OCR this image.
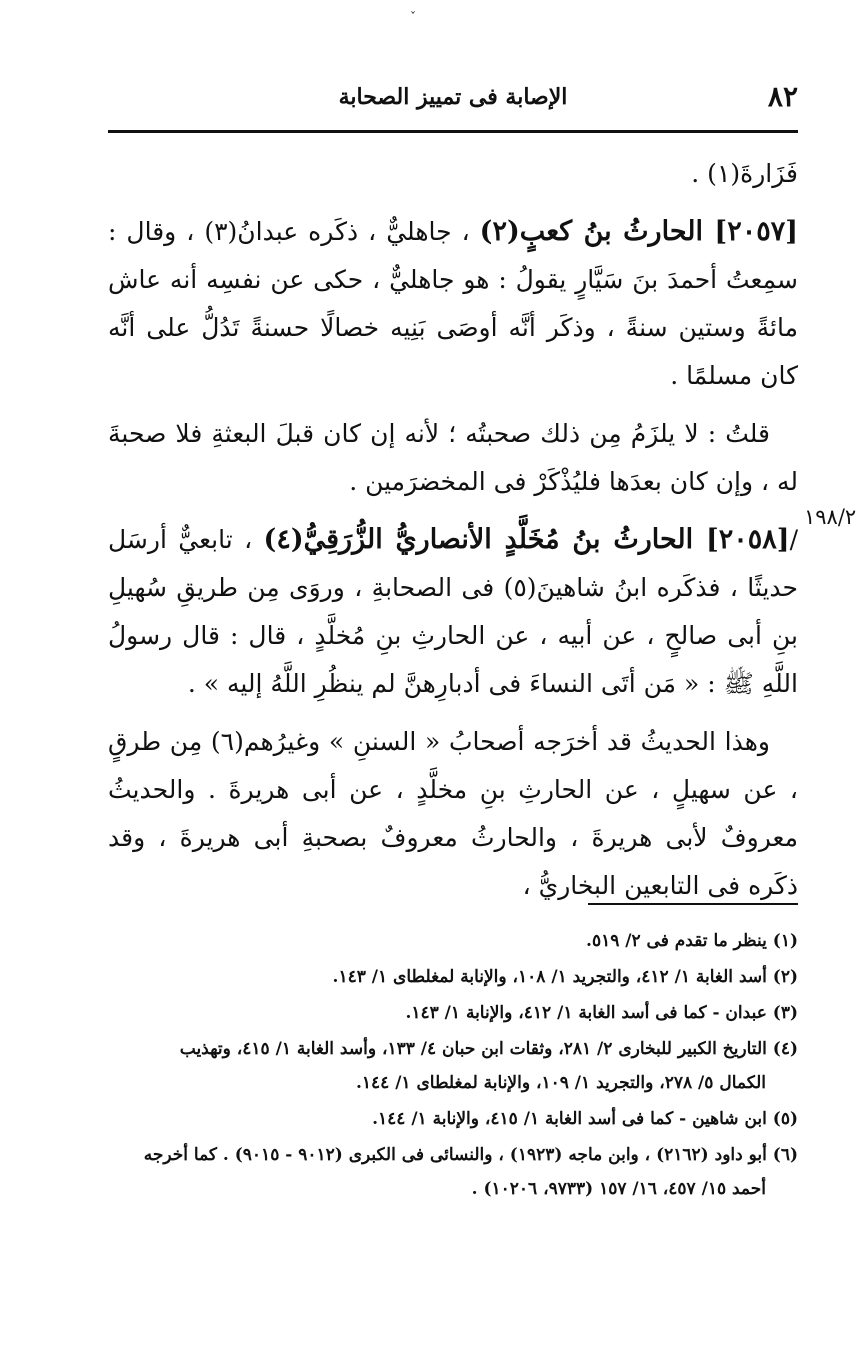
ˇ
٨٢
الإصابة فى تمييز الصحابة
١٩٨/٢

فَزَارةَ(١) .

[٢٠٥٧] الحارثُ بنُ كعبٍ(٢) ، جاهليٌّ ، ذكَره عبدانُ(٣) ، وقال : سمِعتُ أحمدَ بنَ سَيَّارٍ يقولُ : هو جاهليٌّ ، حكى عن نفسِه أنه عاش مائةً وستين سنةً ، وذكَر أنَّه أوصَى بَنِيه خصالًا حسنةً تَدُلُّ على أنَّه كان مسلمًا .

قلتُ : لا يلزَمُ مِن ذلك صحبتُه ؛ لأنه إن كان قبلَ البعثةِ فلا صحبةَ له ، وإن كان بعدَها فليُذْكَرْ فى المخضرَمين .

/[٢٠٥٨] الحارثُ بنُ مُخَلَّدٍ الأنصاريُّ الزُّرَقِيُّ(٤) ، تابعيٌّ أرسَل حديثًا ، فذكَره ابنُ شاهينَ(٥) فى الصحابةِ ، وروَى مِن طريقِ سُهيلِ بنِ أبى صالحٍ ، عن أبيه ، عن الحارثِ بنِ مُخلَّدٍ ، قال : قال رسولُ اللَّهِ ﷺ : « مَن أتَى النساءَ فى أدبارِهنَّ لم ينظُرِ اللَّهُ إليه » .

وهذا الحديثُ قد أخرَجه أصحابُ « السننِ » وغيرُهم(٦) مِن طرقٍ ، عن سهيلٍ ، عن الحارثِ بنِ مخلَّدٍ ، عن أبى هريرةَ . والحديثُ معروفٌ لأبى هريرةَ ، والحارثُ معروفٌ بصحبةِ أبى هريرةَ ، وقد ذكَره فى التابعين البخاريُّ ،

(١) ينظر ما تقدم فى ٢/ ٥١٩.
(٢) أسد الغابة ١/ ٤١٢، والتجريد ١/ ١٠٨، والإنابة لمغلطاى ١/ ١٤٣.
(٣) عبدان - كما فى أسد الغابة ١/ ٤١٢، والإنابة ١/ ١٤٣.
(٤) التاريخ الكبير للبخارى ٢/ ٢٨١، وثقات ابن حبان ٤/ ١٣٣، وأسد الغابة ١/ ٤١٥، وتهذيب
الكمال ٥/ ٢٧٨، والتجريد ١/ ١٠٩، والإنابة لمغلطاى ١/ ١٤٤.
(٥) ابن شاهين - كما فى أسد الغابة ١/ ٤١٥، والإنابة ١/ ١٤٤.
(٦) أبو داود (٢١٦٢) ، وابن ماجه (١٩٢٣) ، والنسائى فى الكبرى (٩٠١٢ - ٩٠١٥) . كما أخرجه
أحمد ١٥/ ٤٥٧، ١٦/ ١٥٧ (٩٧٣٣، ١٠٢٠٦) .
